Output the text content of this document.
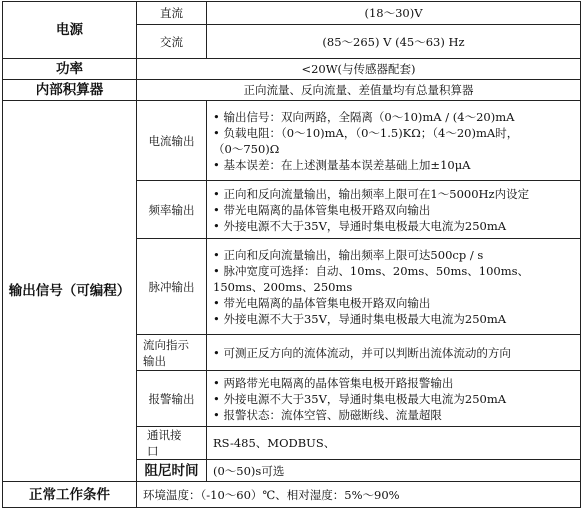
电源	直流	(18～30)V
	交流	(85～265) V (45～63) Hz
功率	<20W(与传感器配套)	
内部积算器	正向流量、反向流量、差值量均有总量积算器	
输出信号（可编程）	电流输出	• 输出信号：双向两路，全隔离（0～10)mA / (4～20)mA
• 负载电阻：（0～10)mA，（0～1.5)KΩ；（4～20)mA时，
（0～750)Ω
• 基本误差：在上述测量基本误差基础上加±10μA

	频率输出	• 正向和反向流量输出，输出频率上限可在1～5000Hz内设定
• 带光电隔离的晶体管集电极开路双向输出
• 外接电源不大于35V，导通时集电极最大电流为250mA

	脉冲输出	• 正向和反向流量输出，输出频率上限可达500cp / s
• 脉冲宽度可选择：自动、10ms、20ms、50ms、100ms、
150ms、200ms、250ms
• 带光电隔离的晶体管集电极开路双向输出
• 外接电源不大于35V，导通时集电极最大电流为250mA

	流向指示
输出	• 可测正反方向的流体流动，并可以判断出流体流动的方向

	报警输出	• 两路带光电隔离的晶体管集电极开路报警输出
• 外接电源不大于35V，导通时集电极最大电流为250mA
• 报警状态：流体空管、励磁断线、流量超限

	通讯接
口	RS-485、MODBUS、
	阻尼时间	(0～50)s可选
正常工作条件	环境温度：（-10～60）℃、相对湿度：5%～90%	
